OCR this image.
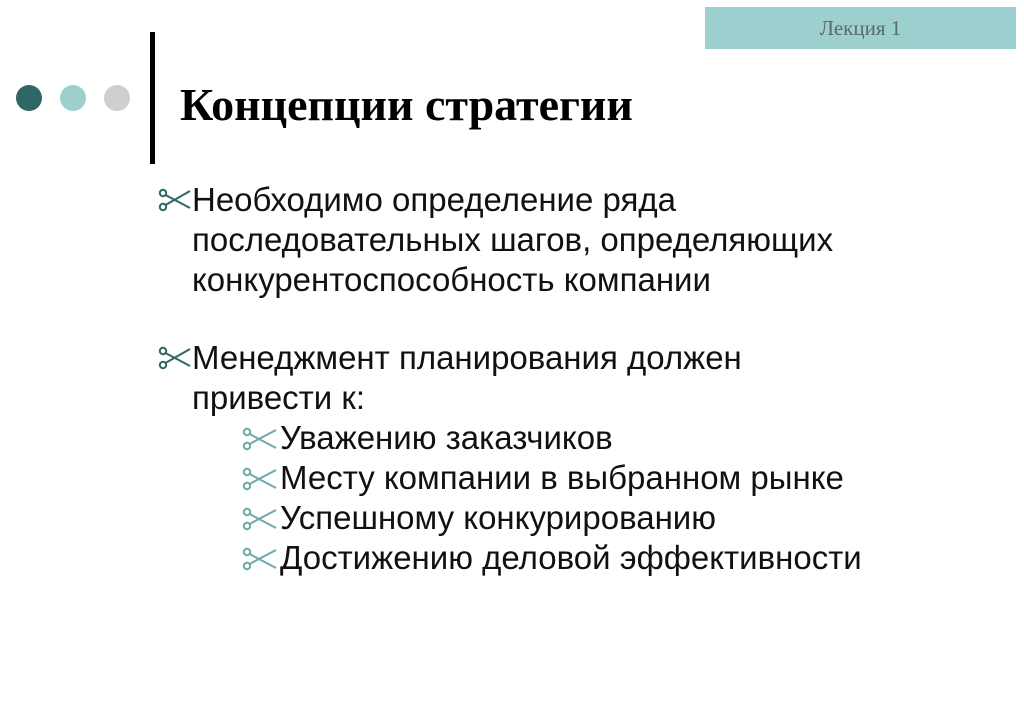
Лекция 1
Концепции стратегии
Необходимо определение ряда
последовательных шагов, определяющих
конкурентоспособность компании
Менеджмент планирования должен
привести к:
Уважению заказчиков
Месту компании в выбранном рынке
Успешному конкурированию
Достижению деловой эффективности
